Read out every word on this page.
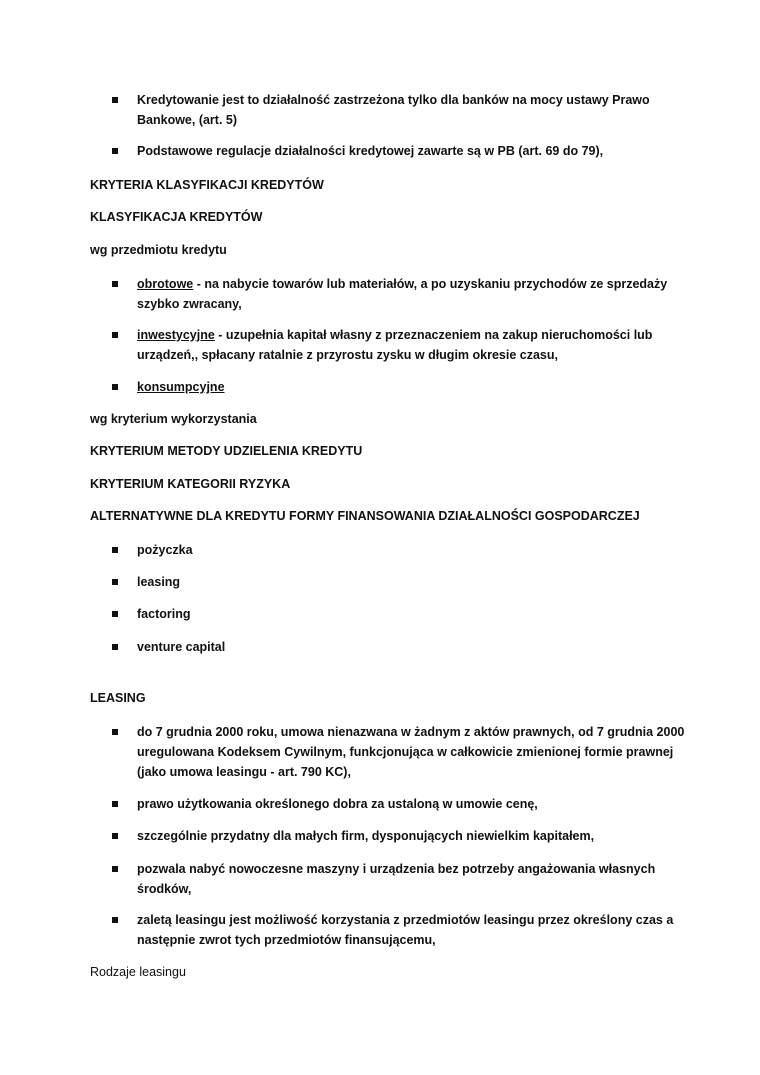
Kredytowanie jest to działalność zastrzeżona tylko dla banków na mocy ustawy Prawo Bankowe, (art. 5)
Podstawowe regulacje działalności kredytowej zawarte są w PB (art. 69 do 79),
KRYTERIA KLASYFIKACJI KREDYTÓW
KLASYFIKACJA KREDYTÓW
wg przedmiotu kredytu
obrotowe - na nabycie towarów lub materiałów, a po uzyskaniu przychodów ze sprzedaży szybko zwracany,
inwestycyjne - uzupełnia kapitał własny z przeznaczeniem na zakup nieruchomości lub urządzeń,, spłacany ratalnie z przyrostu zysku w długim okresie czasu,
konsumpcyjne
wg kryterium wykorzystania
KRYTERIUM METODY UDZIELENIA KREDYTU
KRYTERIUM KATEGORII RYZYKA
ALTERNATYWNE DLA KREDYTU FORMY FINANSOWANIA DZIAŁALNOŚCI GOSPODARCZEJ
pożyczka
leasing
factoring
venture capital
LEASING
do 7 grudnia 2000 roku, umowa nienazwana w żadnym z aktów prawnych, od 7 grudnia 2000 uregulowana Kodeksem Cywilnym, funkcjonująca w całkowicie zmienionej formie prawnej (jako umowa leasingu - art. 790 KC),
prawo użytkowania określonego dobra za ustaloną w umowie cenę,
szczególnie przydatny dla małych firm, dysponujących niewielkim kapitałem,
pozwala nabyć nowoczesne maszyny i urządzenia bez potrzeby angażowania własnych środków,
zaletą leasingu jest możliwość korzystania z przedmiotów leasingu przez określony czas a następnie zwrot tych przedmiotów finansującemu,
Rodzaje leasingu
